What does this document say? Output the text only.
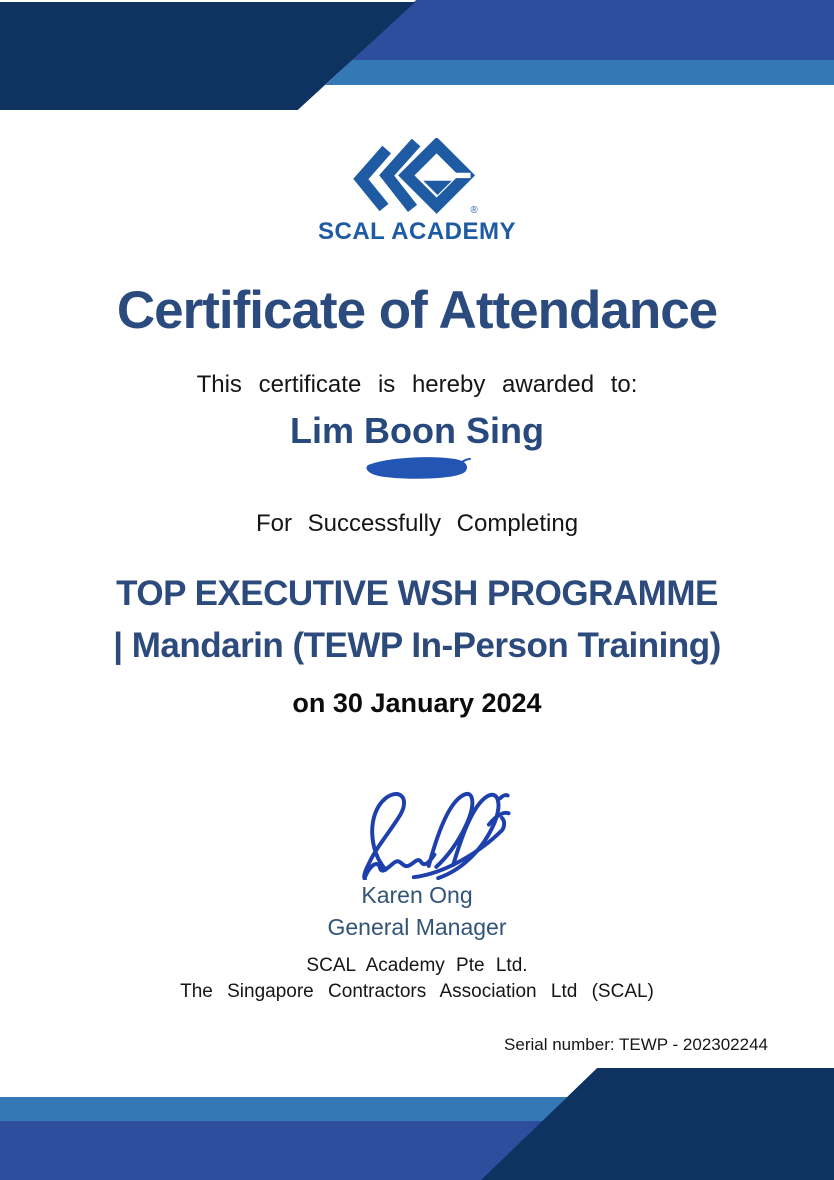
®
SCAL ACADEMY
Certificate of Attendance
This certificate is hereby awarded to:
Lim Boon Sing
For Successfully Completing
TOP EXECUTIVE WSH PROGRAMME
| Mandarin (TEWP In-Person Training)
on 30 January 2024
Karen Ong
General Manager
SCAL Academy Pte Ltd.
The Singapore Contractors Association Ltd (SCAL)
Serial number: TEWP - 202302244
